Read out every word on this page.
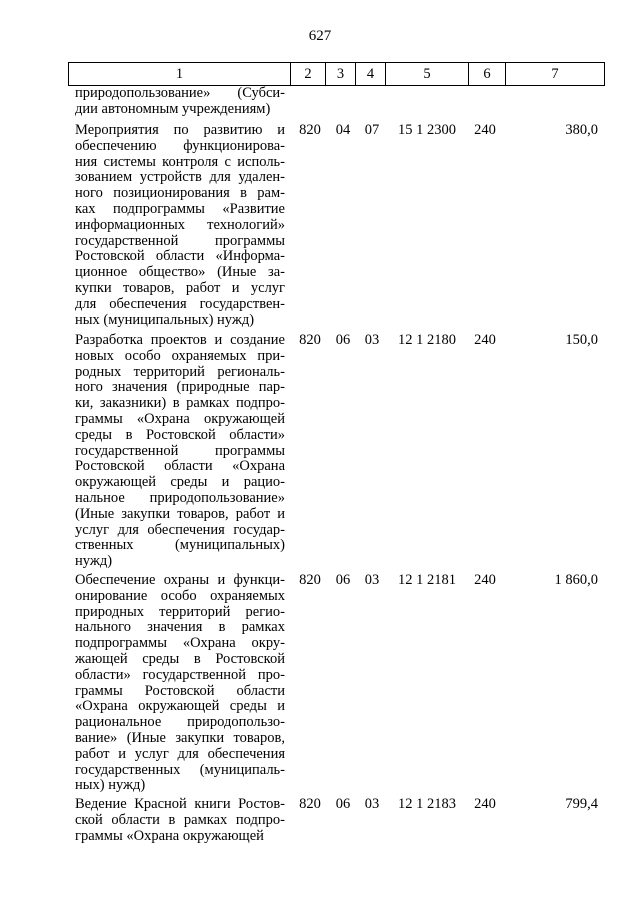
627
1	2	3	4	5	6	7
природопользование» (Субси-
дии автономным учреждениям)
Мероприятия по развитию и
обеспечению функционирова-
ния системы контроля с исполь-
зованием устройств для удален-
ного позиционирования в рам-
ках подпрограммы «Развитие
информационных технологий»
государственной программы
Ростовской области «Информа-
ционное общество» (Иные за-
купки товаров, работ и услуг
для обеспечения государствен-
ных (муниципальных) нужд)
820	04	07	15 1 2300	240	380,0
Разработка проектов и создание
новых особо охраняемых при-
родных территорий региональ-
ного значения (природные пар-
ки, заказники) в рамках подпро-
граммы «Охрана окружающей
среды в Ростовской области»
государственной программы
Ростовской области «Охрана
окружающей среды и рацио-
нальное природопользование»
(Иные закупки товаров, работ и
услуг для обеспечения государ-
ственных (муниципальных)
нужд)
820	06	03	12 1 2180	240	150,0
Обеспечение охраны и функци-
онирование особо охраняемых
природных территорий регио-
нального значения в рамках
подпрограммы «Охрана окру-
жающей среды в Ростовской
области» государственной про-
граммы Ростовской области
«Охрана окружающей среды и
рациональное природопользо-
вание» (Иные закупки товаров,
работ и услуг для обеспечения
государственных (муниципаль-
ных) нужд)
820	06	03	12 1 2181	240	1 860,0
Ведение Красной книги Ростов-
ской области в рамках подпро-
граммы «Охрана окружающей
820	06	03	12 1 2183	240	799,4
